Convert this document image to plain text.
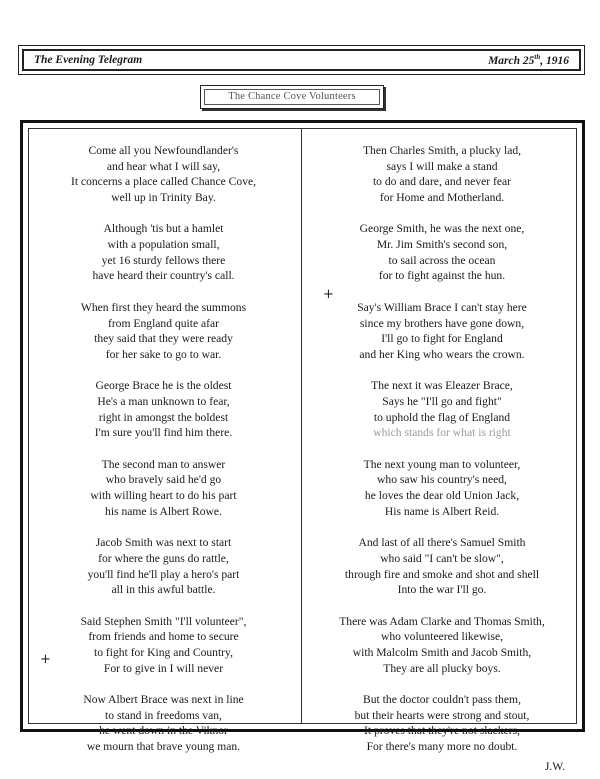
The Evening Telegram	March 25th, 1916
The Chance Cove Volunteers
Come all you Newfoundlander's
and hear what I will say,
It concerns a place called Chance Cove,
well up in Trinity Bay.
Although 'tis but a hamlet
with a population small,
yet 16 sturdy fellows there
have heard their country's call.
When first they heard the summons
from England quite afar
they said that they were ready
for her sake to go to war.
George Brace he is the oldest
He's a man unknown to fear,
right in amongst the boldest
I'm sure you'll find him there.
The second man to answer
who bravely said he'd go
with willing heart to do his part
his name is Albert Rowe.
Jacob Smith was next to start
for where the guns do rattle,
you'll find he'll play a hero's part
all in this awful battle.
Said Stephen Smith "I'll volunteer",
from friends and home to secure
to fight for King and Country,
For to give in I will never
Now Albert Brace was next in line
to stand in freedoms van,
he went down in the Viknor
we mourn that brave young man.
Then Charles Smith, a plucky lad,
says I will make a stand
to do and dare, and never fear
for Home and Motherland.
George Smith, he was the next one,
Mr. Jim Smith's second son,
to sail across the ocean
for to fight against the hun.
Say's William Brace I can't stay here
since my brothers have gone down,
I'll go to fight for England
and her King who wears the crown.
The next it was Eleazer Brace,
Says he "I'll go and fight"
to uphold the flag of England
which stands for what is right
The next young man to volunteer,
who saw his country's need,
he loves the dear old Union Jack,
His name is Albert Reid.
And last of all there's Samuel Smith
who said "I can't be slow",
through fire and smoke and shot and shell
Into the war I'll go.
There was Adam Clarke and Thomas Smith,
who volunteered likewise,
with Malcolm Smith and Jacob Smith,
They are all plucky boys.
But the doctor couldn't pass them,
but their hearts were strong and stout,
It proves that they're not slackers,
For there's many more no doubt.
J.W.
+
+
